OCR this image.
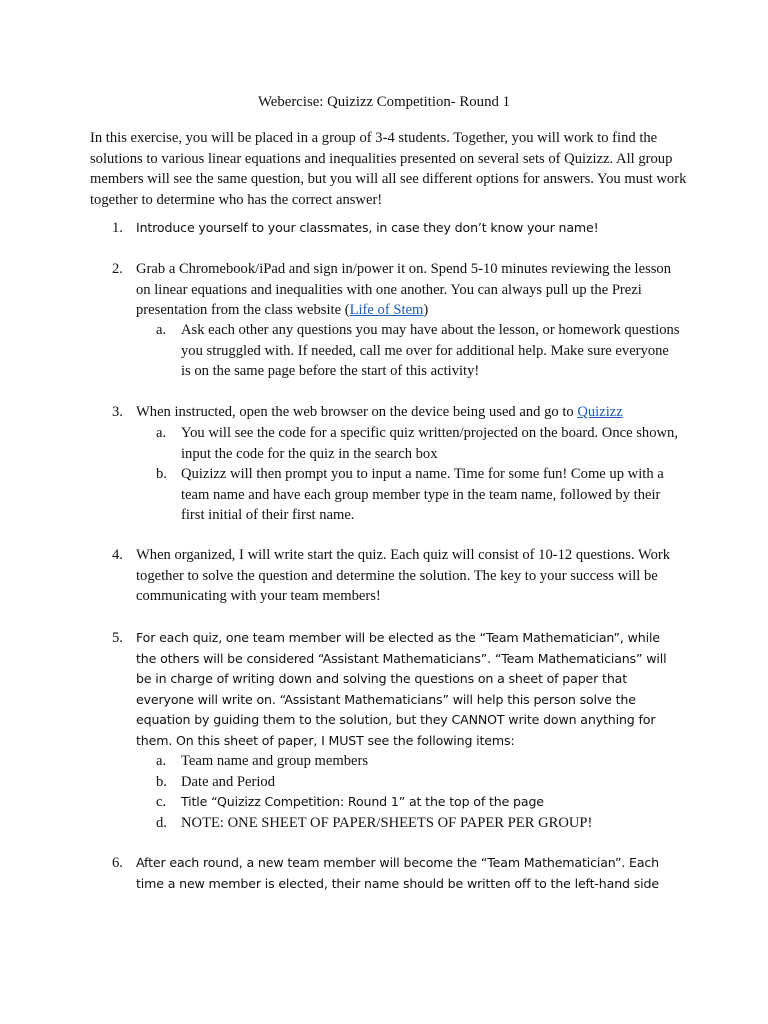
Webercise: Quizizz Competition- Round 1
In this exercise, you will be placed in a group of 3-4 students. Together, you will work to find the solutions to various linear equations and inequalities presented on several sets of Quizizz. All group members will see the same question, but you will all see different options for answers. You must work together to determine who has the correct answer!
1.	Introduce yourself to your classmates, in case they don’t know your name!
2. Grab a Chromebook/iPad and sign in/power it on. Spend 5-10 minutes reviewing the lesson on linear equations and inequalities with one another. You can always pull up the Prezi presentation from the class website (Life of Stem)
a.	Ask each other any questions you may have about the lesson, or homework questions you struggled with. If needed, call me over for additional help. Make sure everyone is on the same page before the start of this activity!
3. When instructed, open the web browser on the device being used and go to Quizizz
a.	You will see the code for a specific quiz written/projected on the board. Once shown, input the code for the quiz in the search box
b. Quizizz will then prompt you to input a name. Time for some fun! Come up with a team name and have each group member type in the team name, followed by their first initial of their first name.
4. When organized, I will write start the quiz. Each quiz will consist of 10-12 questions. Work together to solve the question and determine the solution. The key to your success will be communicating with your team members!
5.	For each quiz, one team member will be elected as the “Team Mathematician”, while the others will be considered “Assistant Mathematicians”. “Team Mathematicians” will be in charge of writing down and solving the questions on a sheet of paper that everyone will write on. “Assistant Mathematicians” will help this person solve the equation by guiding them to the solution, but they CANNOT write down anything for them. On this sheet of paper, I MUST see the following items:
a.	Team name and group members
b. Date and Period
c.	Title “Quizizz Competition: Round 1” at the top of the page
d. NOTE: ONE SHEET OF PAPER/SHEETS OF PAPER PER GROUP!
6.	After each round, a new team member will become the “Team Mathematician”. Each time a new member is elected, their name should be written off to the left-hand side
